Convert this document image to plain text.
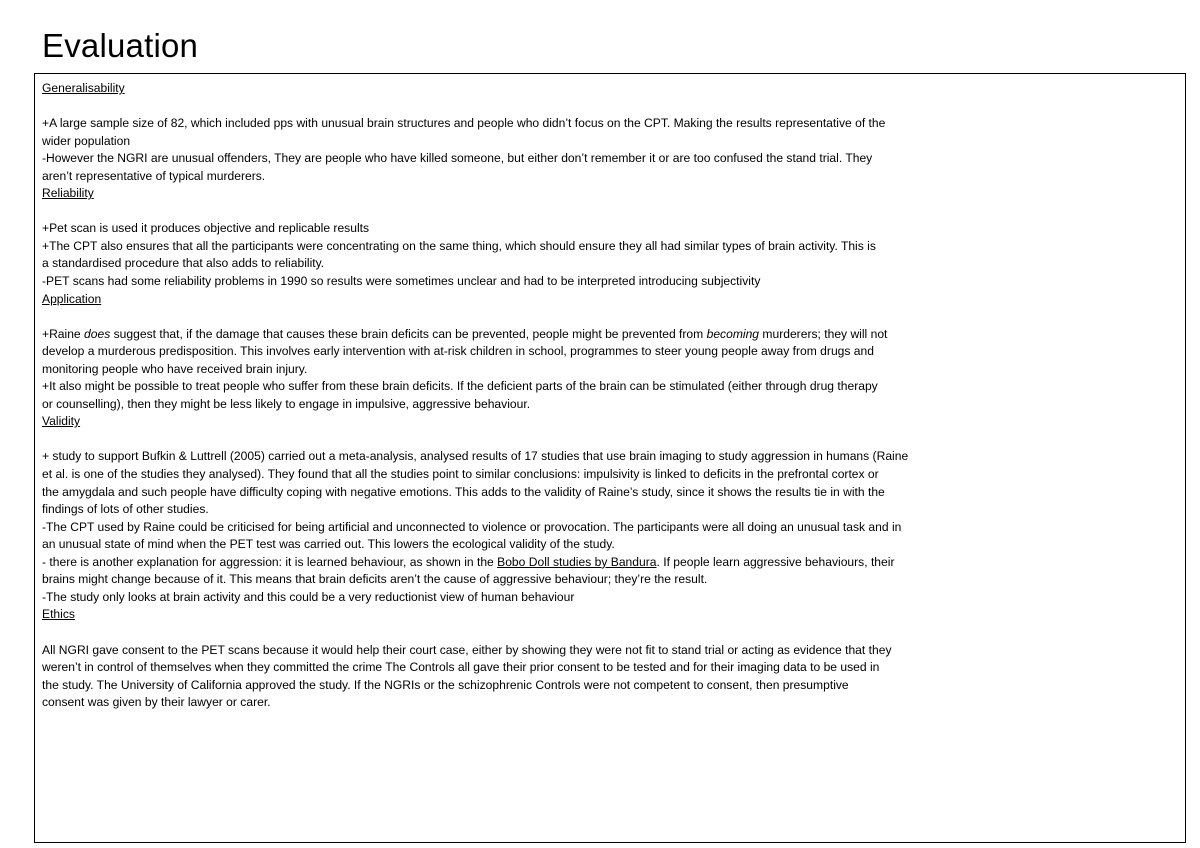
Evaluation
Generalisability
+A large sample size of 82, which included pps with unusual brain structures and people who didn’t focus on the CPT. Making the results representative of the
wider population
-However the NGRI are unusual offenders, They are people who have killed someone, but either don’t remember it or are too confused the stand trial. They
aren’t representative of typical murderers.
Reliability
+Pet scan is used it produces objective and replicable results
+The CPT also ensures that all the participants were concentrating on the same thing, which should ensure they all had similar types of brain activity. This is
a standardised procedure that also adds to reliability.
-PET scans had some reliability problems in 1990 so results were sometimes unclear and had to be interpreted introducing subjectivity
Application
+Raine does suggest that, if the damage that causes these brain deficits can be prevented, people might be prevented from becoming murderers; they will not
develop a murderous predisposition. This involves early intervention with at-risk children in school, programmes to steer young people away from drugs and
monitoring people who have received brain injury.
+It also might be possible to treat people who suffer from these brain deficits. If the deficient parts of the brain can be stimulated (either through drug therapy
or counselling), then they might be less likely to engage in impulsive, aggressive behaviour.
Validity
+ study to support Bufkin & Luttrell (2005) carried out a meta-analysis, analysed results of 17 studies that use brain imaging to study aggression in humans (Raine
et al. is one of the studies they analysed). They found that all the studies point to similar conclusions: impulsivity is linked to deficits in the prefrontal cortex or
the amygdala and such people have difficulty coping with negative emotions. This adds to the validity of Raine’s study, since it shows the results tie in with the
findings of lots of other studies.
-The CPT used by Raine could be criticised for being artificial and unconnected to violence or provocation. The participants were all doing an unusual task and in
an unusual state of mind when the PET test was carried out. This lowers the ecological validity of the study.
- there is another explanation for aggression: it is learned behaviour, as shown in the Bobo Doll studies by Bandura. If people learn aggressive behaviours, their
brains might change because of it. This means that brain deficits aren’t the cause of aggressive behaviour; they’re the result.
-The study only looks at brain activity and this could be a very reductionist view of human behaviour
Ethics
All NGRI gave consent to the PET scans because it would help their court case, either by showing they were not fit to stand trial or acting as evidence that they
weren’t in control of themselves when they committed the crime The Controls all gave their prior consent to be tested and for their imaging data to be used in
the study. The University of California approved the study. If the NGRIs or the schizophrenic Controls were not competent to consent, then presumptive
consent was given by their lawyer or carer.
